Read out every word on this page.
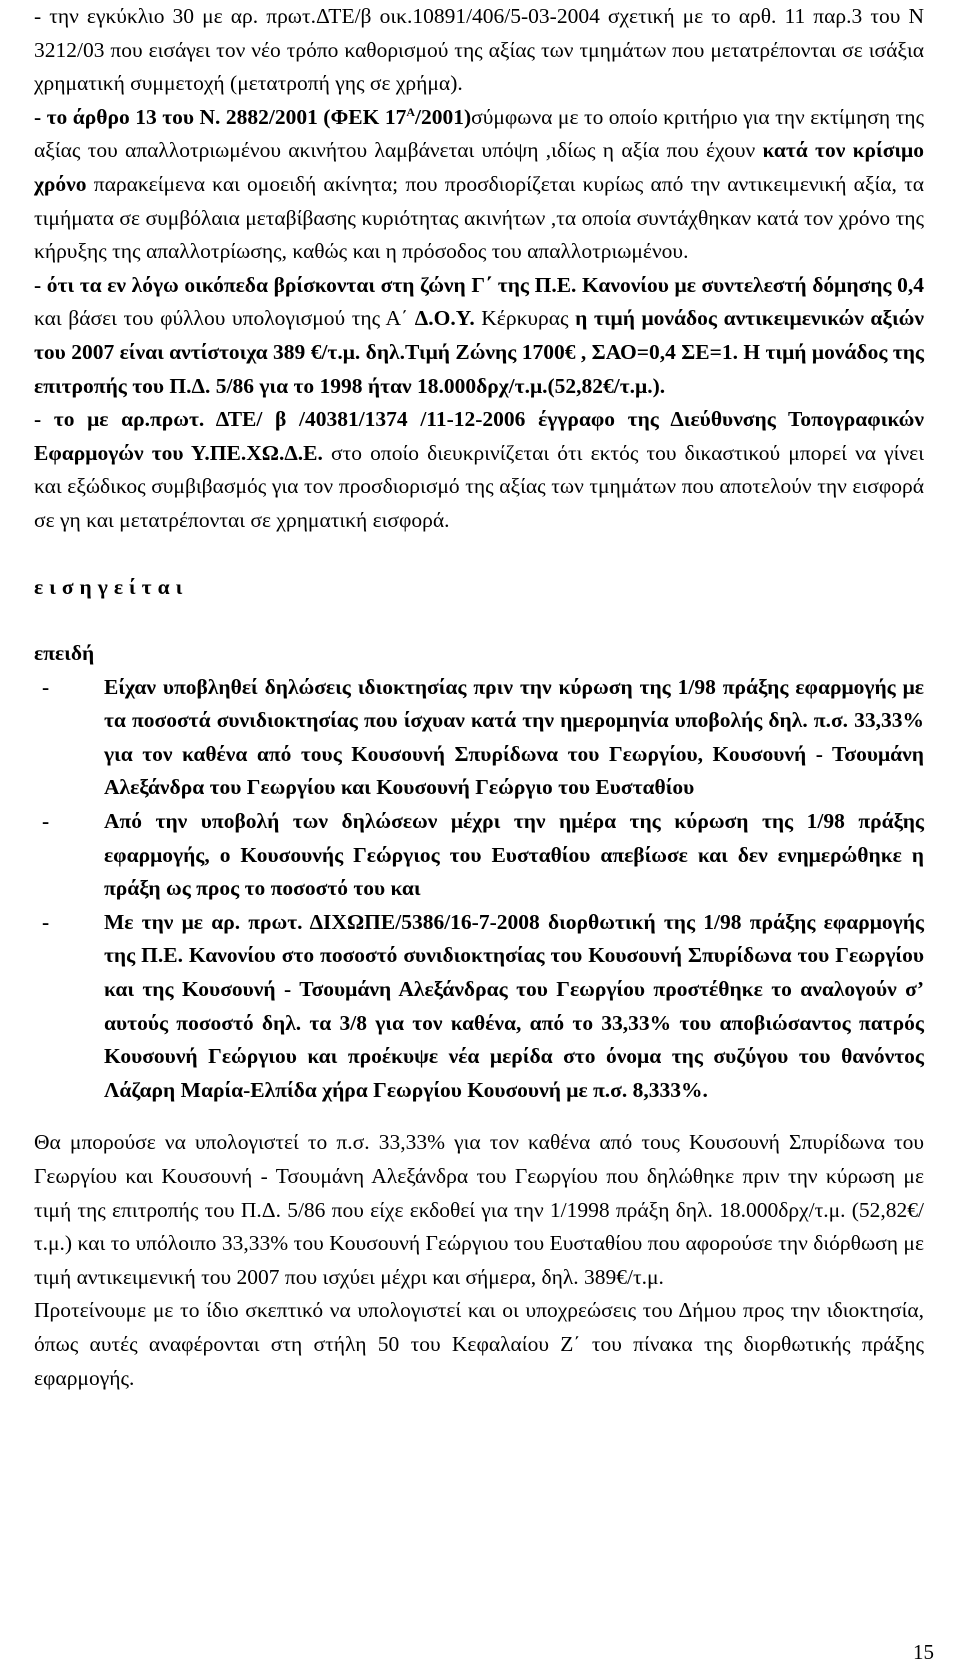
- την εγκύκλιο 30 με αρ. πρωτ.ΔΤΕ/β οικ.10891/406/5-03-2004 σχετική με το αρθ. 11 παρ.3 του Ν 3212/03 που εισάγει τον νέο τρόπο καθορισμού της αξίας των τμημάτων που μετατρέπονται σε ισάξια χρηματική συμμετοχή (μετατροπή γης σε χρήμα).

- το άρθρο 13 του Ν. 2882/2001 (ΦΕΚ $17^A/2001)\sigma ύ\mu\varphi\omega\nu\alpha$ με το οποίο κριτήριο για την εκτίμηση της αξίας του απαλλοτριωμένου ακινήτου λαμβάνεται υπόψη ,ιδίως η αξία που έχουν κατά τον κρίσιμο χρόνο παρακείμενα και ομοειδή ακίνητα; που προσδιορίζεται κυρίως από την αντικειμενική αξία, τα τιμήματα σε συμβόλαια μεταβίβασης κυριότητας ακινήτων ,τα οποία συντάχθηκαν κατά τον χρόνο της κήρυξης της απαλλοτρίωσης, καθώς και η πρόσοδος του απαλλοτριωμένου.

- ότι τα εν λόγω οικόπεδα βρίσκονται στη ζώνη Γ΄ της Π.Ε. Κανονίου με συντελεστή δόμησης 0,4 και βάσει του φύλλου υπολογισμού της Α΄ Δ.Ο.Υ. Κέρκυρας η τιμή μονάδος αντικειμενικών αξιών του 2007 είναι αντίστοιχα 389 €/τ.μ. δηλ.Τιμή Ζώνης 1700€ , ΣΑΟ=0,4 ΣΕ=1. Η τιμή μονάδος της επιτροπής του Π.Δ. 5/86 για το 1998 ήταν 18.000δρχ/τ.μ.(52,82€/τ.μ.).

- το με αρ.πρωτ. ΔΤΕ/ β /40381/1374 /11-12-2006 έγγραφο της Διεύθυνσης Τοπογραφικών Εφαρμογών του Υ.ΠΕ.ΧΩ.Δ.Ε. στο οποίο διευκρινίζεται ότι εκτός του δικαστικού μπορεί να γίνει και εξώδικος συμβιβασμός για τον προσδιορισμό της αξίας των τμημάτων που αποτελούν την εισφορά σε γη και μετατρέπονται σε χρηματική εισφορά.

εισηγείται

επειδή

-	Είχαν υποβληθεί δηλώσεις ιδιοκτησίας πριν την κύρωση της 1/98 πράξης εφαρμογής με τα ποσοστά συνιδιοκτησίας που ίσχυαν κατά την ημερομηνία υποβολής δηλ. π.σ. 33,33% για τον καθένα από τους Κουσουνή Σπυρίδωνα του Γεωργίου, Κουσουνή - Τσουμάνη Αλεξάνδρα του Γεωργίου και Κουσουνή Γεώργιο του Ευσταθίου
-	Από την υποβολή των δηλώσεων μέχρι την ημέρα της κύρωση της 1/98 πράξης εφαρμογής, ο Κουσουνής Γεώργιος του Ευσταθίου απεβίωσε και δεν ενημερώθηκε η πράξη ως προς το ποσοστό του και
-	Με την με αρ. πρωτ. ΔΙΧΩΠΕ/5386/16-7-2008 διορθωτική της 1/98 πράξης εφαρμογής της Π.Ε. Κανονίου στο ποσοστό συνιδιοκτησίας του Κουσουνή Σπυρίδωνα του Γεωργίου και της Κουσουνή - Τσουμάνη Αλεξάνδρας του Γεωργίου προστέθηκε το αναλογούν σ’ αυτούς ποσοστό δηλ. τα 3/8 για τον καθένα, από το 33,33% του αποβιώσαντος πατρός Κουσουνή Γεώργιου και προέκυψε νέα μερίδα στο όνομα της συζύγου του θανόντος Λάζαρη Μαρία-Ελπίδα χήρα Γεωργίου Κουσουνή με π.σ. 8,333%.

Θα μπορούσε να υπολογιστεί το π.σ. 33,33% για τον καθένα από τους Κουσουνή Σπυρίδωνα του Γεωργίου και Κουσουνή - Τσουμάνη Αλεξάνδρα του Γεωργίου που δηλώθηκε πριν την κύρωση με τιμή της επιτροπής του Π.Δ. 5/86 που είχε εκδοθεί για την 1/1998 πράξη δηλ. 18.000δρχ/τ.μ. (52,82€/τ.μ.) και το υπόλοιπο 33,33% του Κουσουνή Γεώργιου του Ευσταθίου που αφορούσε την διόρθωση με τιμή αντικειμενική του 2007 που ισχύει μέχρι και σήμερα, δηλ. 389€/τ.μ.

Προτείνουμε με το ίδιο σκεπτικό να υπολογιστεί και οι υποχρεώσεις του Δήμου προς την ιδιοκτησία, όπως αυτές αναφέρονται στη στήλη 50 του Κεφαλαίου Ζ΄ του πίνακα της διορθωτικής πράξης εφαρμογής.

15
